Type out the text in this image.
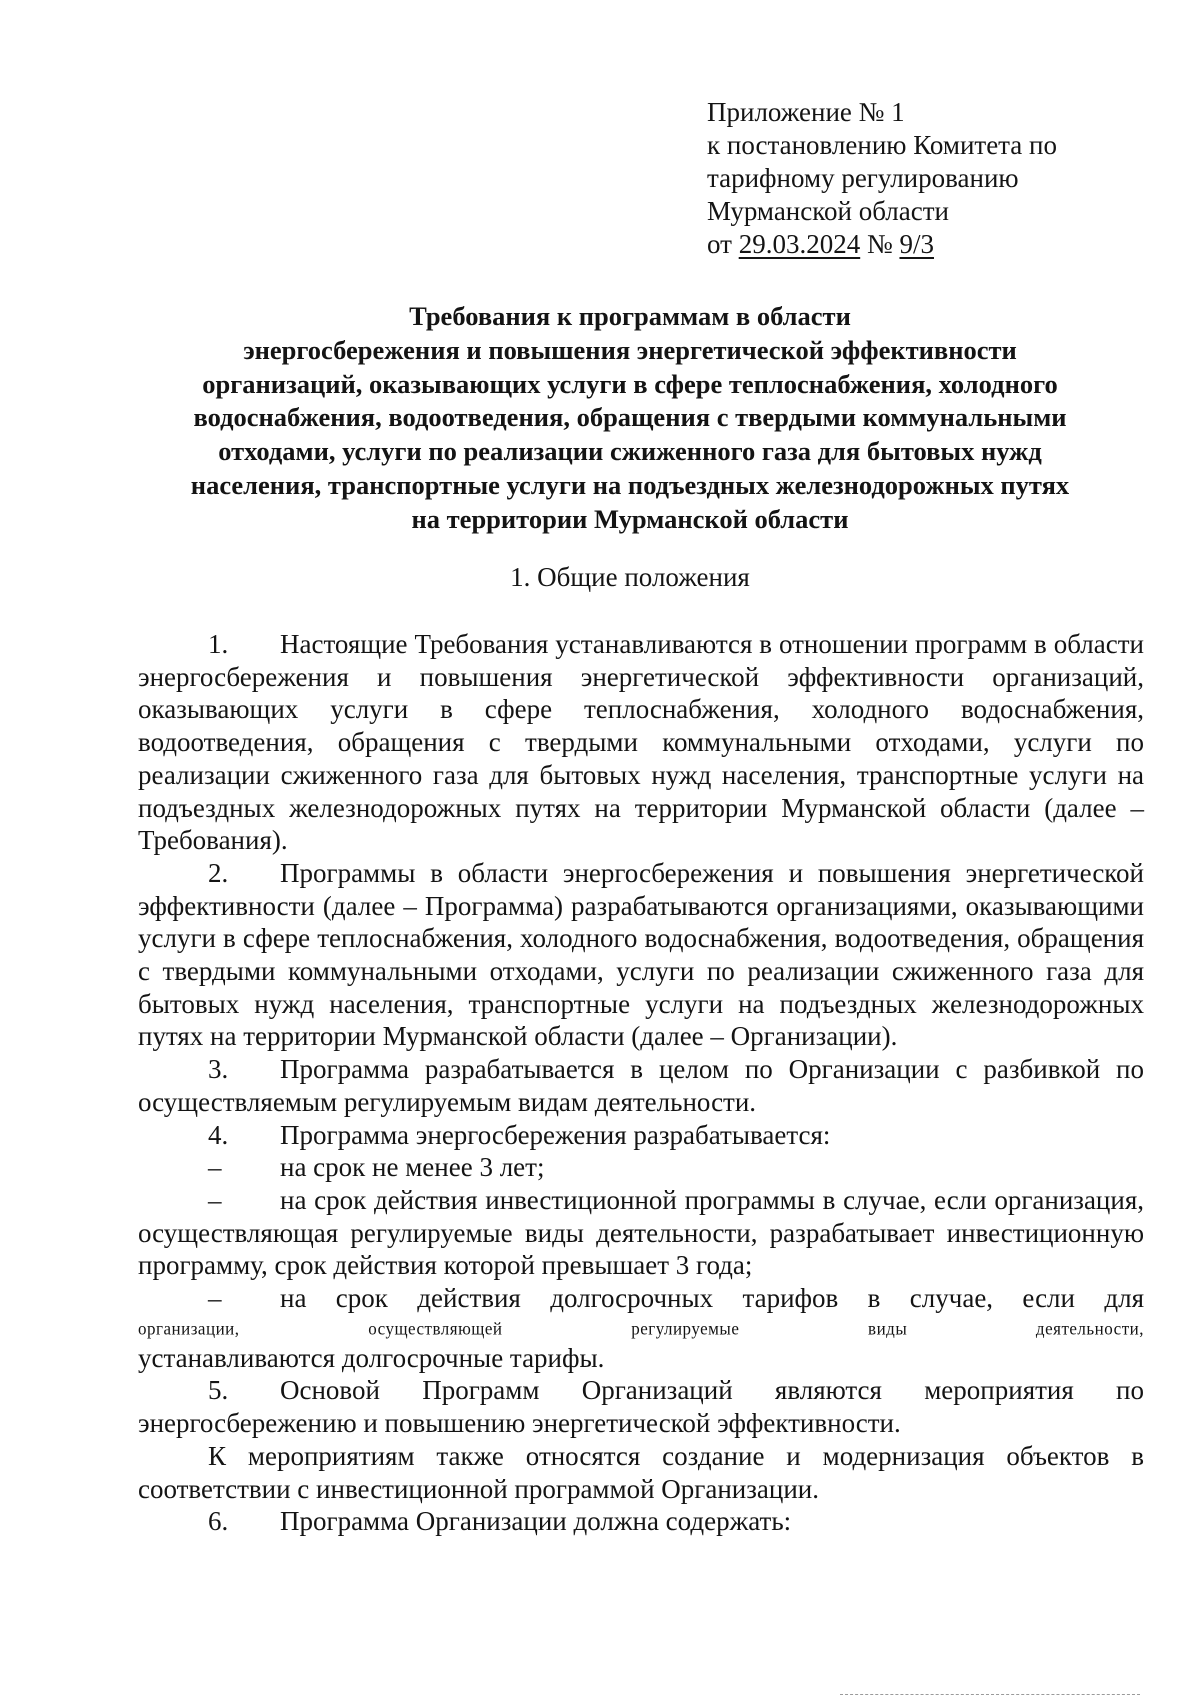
Приложение № 1
к постановлению Комитета по
тарифному регулированию
Мурманской области
от 29.03.2024 № 9/3
Требования к программам в области
энергосбережения и повышения энергетической эффективности
организаций, оказывающих услуги в сфере теплоснабжения, холодного
водоснабжения, водоотведения, обращения с твердыми коммунальными
отходами, услуги по реализации сжиженного газа для бытовых нужд
населения, транспортные услуги на подъездных железнодорожных путях
на территории Мурманской области
1. Общие положения

1. Настоящие Требования устанавливаются в отношении программ в области энергосбережения и повышения энергетической эффективности организаций, оказывающих услуги в сфере теплоснабжения, холодного водоснабжения, водоотведения, обращения с твердыми коммунальными отходами, услуги по реализации сжиженного газа для бытовых нужд населения, транспортные услуги на подъездных железнодорожных путях на территории Мурманской области (далее – Требования).

2. Программы в области энергосбережения и повышения энергетической эффективности (далее – Программа) разрабатываются организациями, оказывающими услуги в сфере теплоснабжения, холодного водоснабжения, водоотведения, обращения с твердыми коммунальными отходами, услуги по реализации сжиженного газа для бытовых нужд населения, транспортные услуги на подъездных железнодорожных путях на территории Мурманской области (далее – Организации).

3. Программа разрабатывается в целом по Организации с разбивкой по осуществляемым регулируемым видам деятельности.

4. Программа энергосбережения разрабатывается:

– на срок не менее 3 лет;

– на срок действия инвестиционной программы в случае, если организация, осуществляющая регулируемые виды деятельности, разрабатывает инвестиционную программу, срок действия которой превышает 3 года;

– на срок действия долгосрочных тарифов в случае, если для

организации, осуществляющей регулируемые виды деятельности,

устанавливаются долгосрочные тарифы.

5. Основой Программ Организаций являются мероприятия по энергосбережению и повышению энергетической эффективности.

К мероприятиям также относятся создание и модернизация объектов в соответствии с инвестиционной программой Организации.

6. Программа Организации должна содержать:
